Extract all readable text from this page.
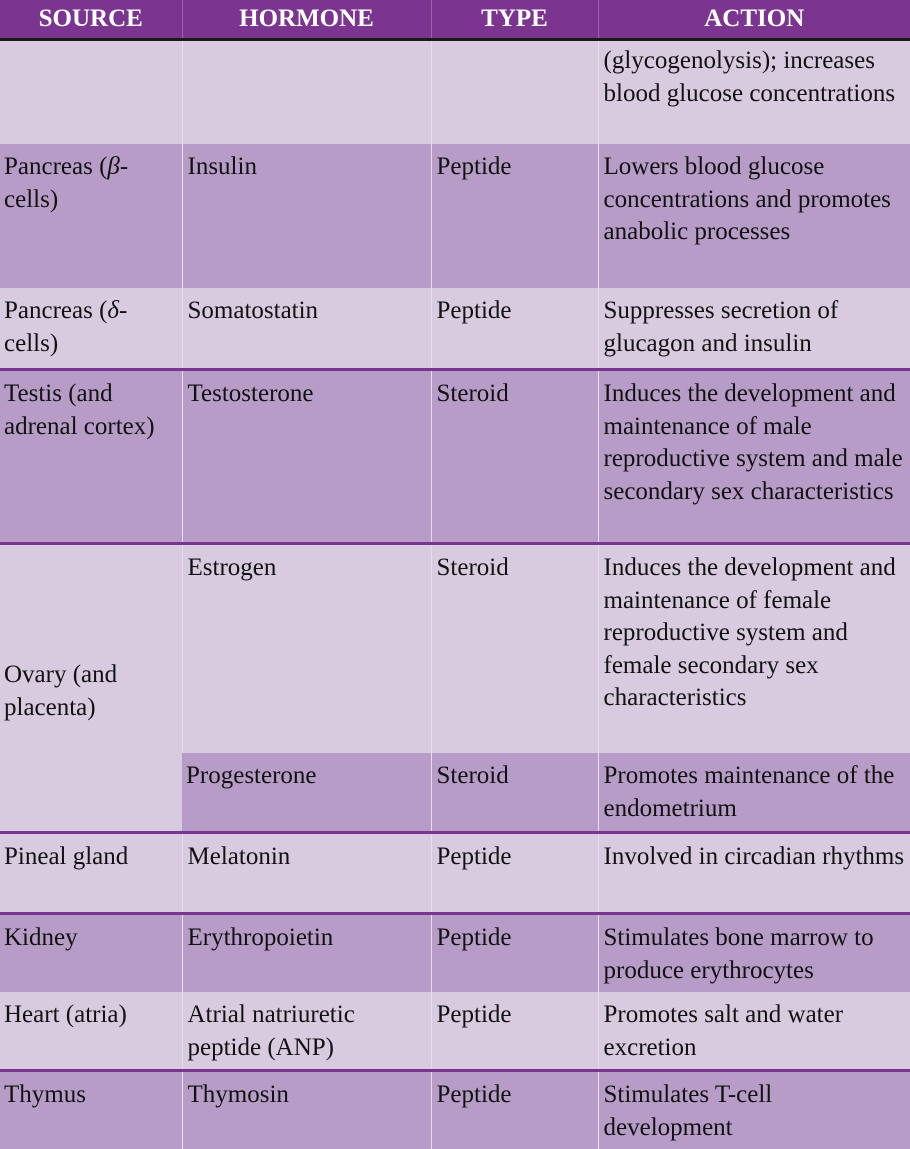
SOURCE	HORMONE	TYPE	ACTION
			(glycogenolysis); increases blood glucose concentrations
Pancreas (β-cells)	Insulin	Peptide	Lowers blood glucose concentrations and promotes anabolic processes
Pancreas (δ-cells)	Somatostatin	Peptide	Suppresses secretion of glucagon and insulin
Testis (and adrenal cortex)	Testosterone	Steroid	Induces the development and maintenance of male reproductive system and male secondary sex characteristics
Ovary (and placenta)	Estrogen	Steroid	Induces the development and maintenance of female reproductive system and female secondary sex characteristics
	Progesterone	Steroid	Promotes maintenance of the endometrium
Pineal gland	Melatonin	Peptide	Involved in circadian rhythms
Kidney	Erythropoietin	Peptide	Stimulates bone marrow to produce erythrocytes
Heart (atria)	Atrial natriuretic peptide (ANP)	Peptide	Promotes salt and water excretion
Thymus	Thymosin	Peptide	Stimulates T-cell development
